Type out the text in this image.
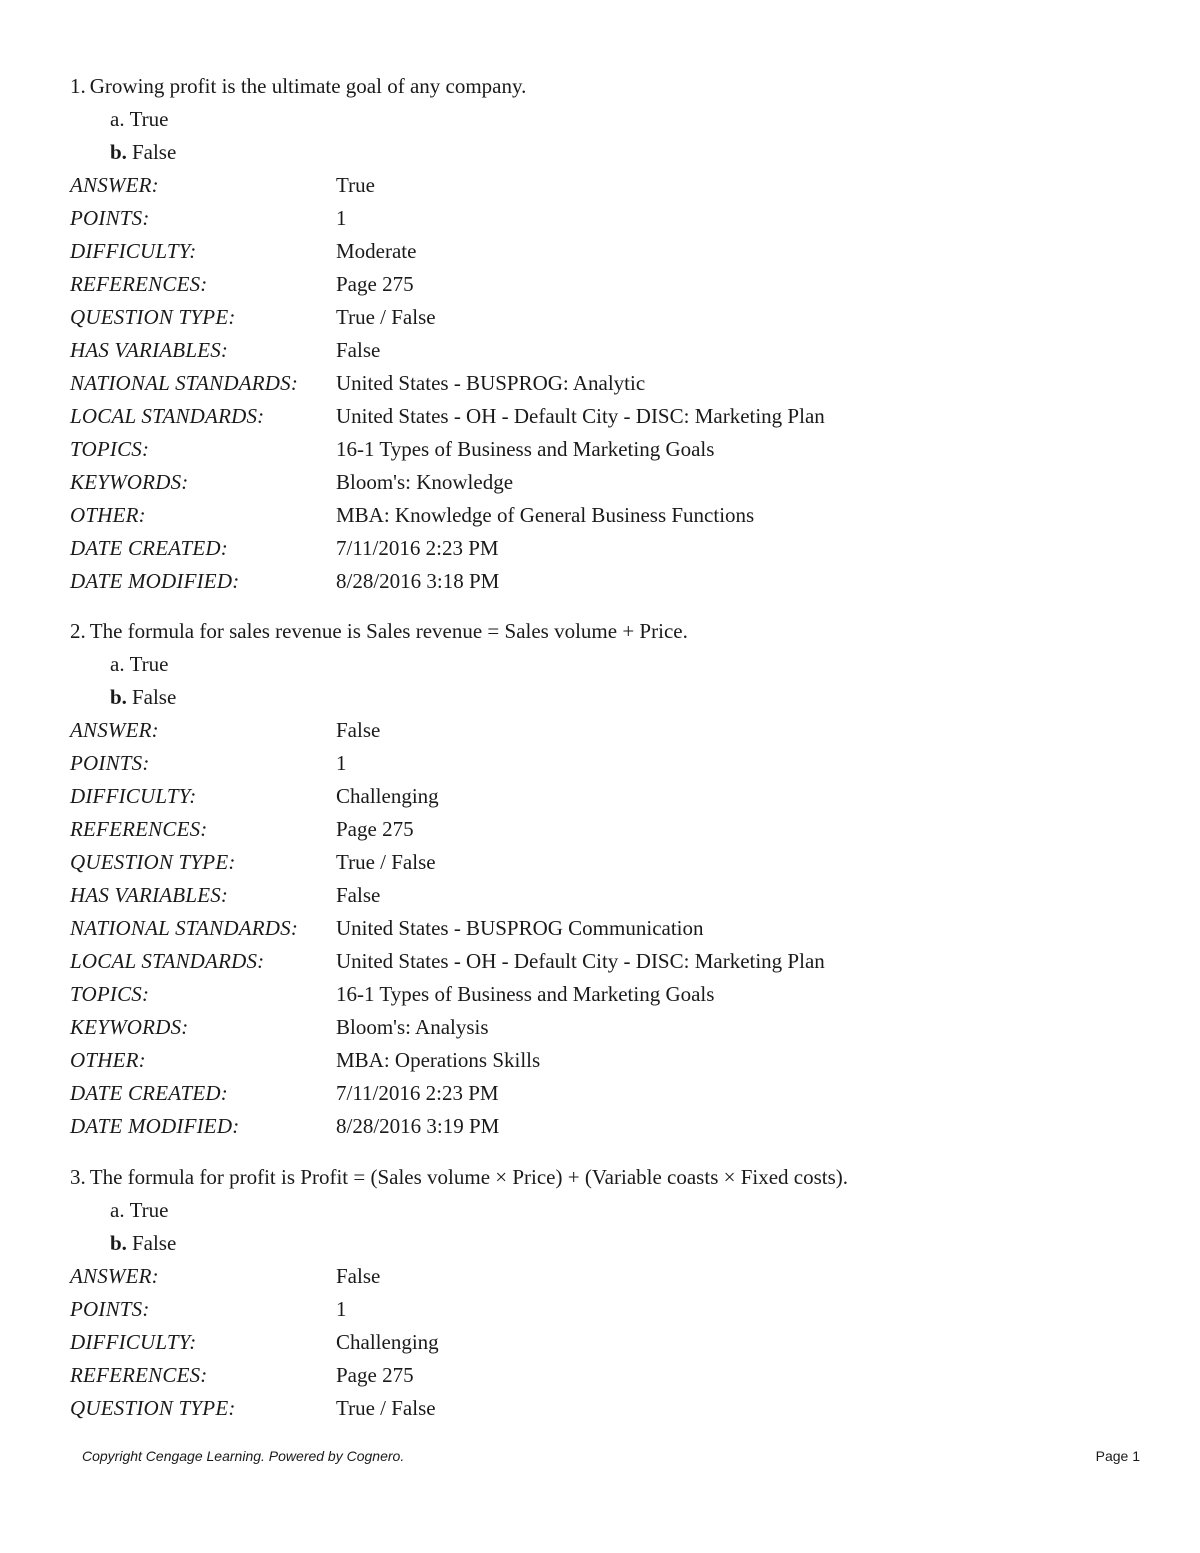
1. Growing profit is the ultimate goal of any company.
a. True
b. False
ANSWER:	True
POINTS:	1
DIFFICULTY:	Moderate
REFERENCES:	Page 275
QUESTION TYPE:	True / False
HAS VARIABLES:	False
NATIONAL STANDARDS:	United States - BUSPROG: Analytic
LOCAL STANDARDS:	United States - OH - Default City - DISC: Marketing Plan
TOPICS:	16-1 Types of Business and Marketing Goals
KEYWORDS:	Bloom's: Knowledge
OTHER:	MBA: Knowledge of General Business Functions
DATE CREATED:	7/11/2016 2:23 PM
DATE MODIFIED:	8/28/2016 3:18 PM
2. The formula for sales revenue is Sales revenue = Sales volume + Price.
a. True
b. False
ANSWER:	False
POINTS:	1
DIFFICULTY:	Challenging
REFERENCES:	Page 275
QUESTION TYPE:	True / False
HAS VARIABLES:	False
NATIONAL STANDARDS:	United States - BUSPROG Communication
LOCAL STANDARDS:	United States - OH - Default City - DISC: Marketing Plan
TOPICS:	16-1 Types of Business and Marketing Goals
KEYWORDS:	Bloom's: Analysis
OTHER:	MBA: Operations Skills
DATE CREATED:	7/11/2016 2:23 PM
DATE MODIFIED:	8/28/2016 3:19 PM
3. The formula for profit is Profit = (Sales volume × Price) + (Variable coasts × Fixed costs).
a. True
b. False
ANSWER:	False
POINTS:	1
DIFFICULTY:	Challenging
REFERENCES:	Page 275
QUESTION TYPE:	True / False
Copyright Cengage Learning. Powered by Cognero.	Page 1
